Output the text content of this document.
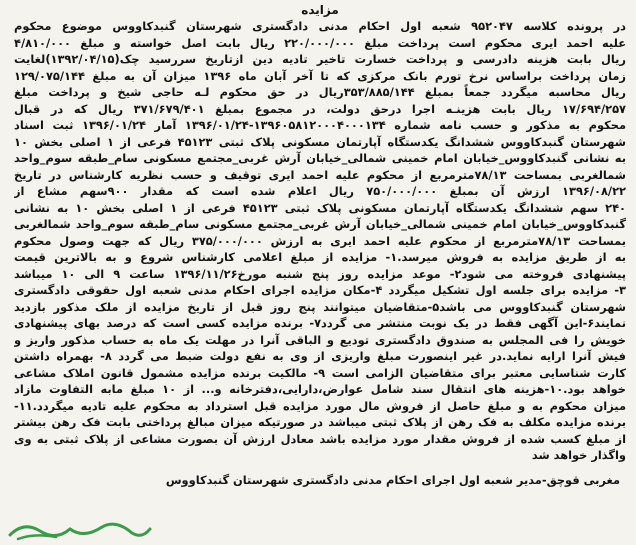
مزایده
در پرونده کلاسه ۹۵۲۰۴۷ شعبه اول احکام مدنی دادگستری شهرستان گنبدکاووس موضوع محکوم
علیه احمد ایری محکوم است پرداخت مبلغ ۲۲۰/۰۰۰/۰۰۰ ریال بابت اصل خواسته و مبلغ ۴/۸۱۰/۰۰۰
ریال بابت هزینه دادرسی و پرداخت خسارت تاخیر تادیه دین ازتاریخ سررسید چک(۱۳۹۲/۰۴/۱۵)لغایت
زمان پرداخت براساس نرخ تورم بانک مرکزی که تا آخر آبان ماه ۱۳۹۶ میزان آن به مبلغ ۱۲۹/۰۷۵/۱۴۴
ریال محاسبه میگردد جمعاً بمبلغ ۳۵۳/۸۸۵/۱۴۴ریال در حق محکوم لـه حاجی شیخ و پرداخت مبلغ
۱۷/۶۹۴/۲۵۷ ریال بابت هزینـه اجرا درحق دولت، در مجموع بمبلغ ۳۷۱/۶۷۹/۴۰۱ ریال که در قبال
محکوم به مذکور و حسب نامه شماره ۱۳۹۶۰۵۸۱۲۰۰۰۴۰۰۰۱۳۴-۱۳۹۶/۰۱/۲۴ آمار ۱۳۹۶/۰۱/۲۴ ثبت اسناد
شهرستان گنبدکاووس ششدانگ یکدستگاه آپارتمان مسکونی پلاک ثبتی ۴۵۱۲۳ فرعی از ۱ اصلی بخش ۱۰
به نشانی گنبدکاووس_خیابان امام خمینی شمالی_خیابان آرش غربی_مجتمع مسکونی سام_طبقه سوم_واحد
شمالغربی بمساحت ۷۸/۱۳مترمربع از محکوم علیه احمد ایری توقیف و حسب نظریه کارشناس در تاریخ
۱۳۹۶/۰۸/۲۲ ارزش آن بمبلغ ۷۵۰/۰۰۰/۰۰۰ ریال اعلام شده است که مقدار ۹۰۰سهم مشاع از
۲۴۰ سهم ششدانگ یکدستگاه آپارتمان مسکونی پلاک ثبتی ۴۵۱۲۳ فرعی از ۱ اصلی بخش ۱۰ به نشانی
گنبدکاووس_خیابان امام خمینی شمالی_خیابان آرش غربی_مجتمع مسکونی سام_طبقه سوم_واحد شمالغربی
بمساحت ۷۸/۱۳مترمربع از محکوم علیه احمد ایری به ارزش ۳۷۵/۰۰۰/۰۰۰ ریال که جهت وصول محکوم
به از طریق مزایده به فروش میرسد.۱- مزایده از مبلغ اعلامی کارشناس شروع و به بالاترین قیمت
پیشنهادی فروخته می شود۲- موعد مزایده روز پنج شنبه مورخ۱۳۹۶/۱۱/۲۶ ساعت ۹ الی ۱۰ میباشد
۳- مزایده برای جلسه اول تشکیل میگردد ۴-مکان مزایده اجرای احکام مدنی شعبه اول حقوقی دادگستری
شهرستان گنبدکاووس می باشد۵-متقاضیان میتوانند پنج روز قبل از تاریخ مزایده از ملک مذکور بازدید
نمایند۶-این آگهی فقط در یک نوبت منتشر می گردد۷- برنده مزایده کسی است که درصد بهای پیشنهادی
خویش را فی المجلس به صندوق دادگستری تودیع و الباقی آنرا در مهلت یک ماه به حساب مذکور واریز و
فیش آنرا ارایه نماید.در غیر اینصورت مبلغ واریزی از وی به نفع دولت ضبط می گردد ۸- بهمراه داشتن
کارت شناسایی معتبر برای متقاضیان الزامی است ۹- مالکیت برنده مزایده مشمول قانون املاک مشاعی
خواهد بود.۱۰-هزینه های انتقال سند شامل عوارض،دارایی،دفترخانه و... از ۱۰ مبلغ مابه التفاوت مازاد
میزان محکوم به و مبلغ حاصل از فروش مال مورد مزایده قبل استرداد به محکوم علیه تادیه میگردد.۱۱-
برنده مزایده مکلف به فک رهن از پلاک ثبتی میباشد در صورتیکه میزان مبالغ پرداختی بابت فک رهن بیشتر
از مبلغ کسب شده از فروش مقدار مورد مزایده باشد معادل ارزش آن بصورت مشاعی از پلاک ثبتی به وی
واگذار خواهد شد
مغربی قوچق-مدیر شعبه اول اجرای احکام مدنی دادگستری شهرستان گنبدکاووس
